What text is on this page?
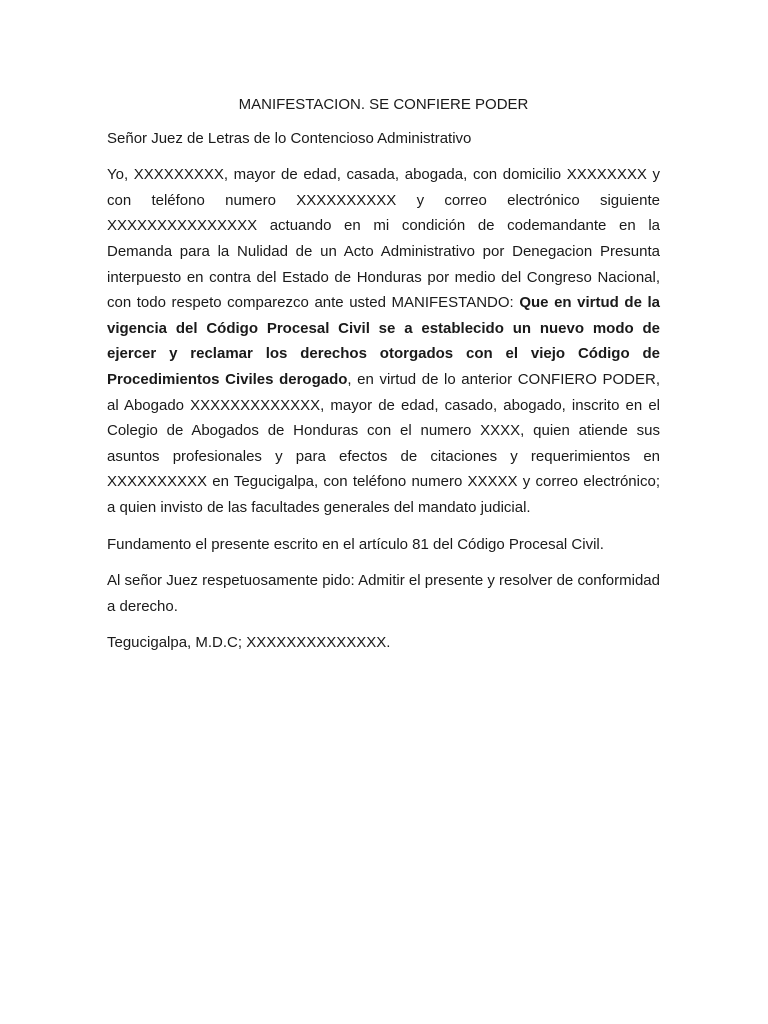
MANIFESTACION. SE CONFIERE PODER

Señor Juez de Letras de lo Contencioso Administrativo

Yo, XXXXXXXXX, mayor de edad, casada, abogada, con domicilio XXXXXXXX y con teléfono numero XXXXXXXXXX y correo electrónico siguiente XXXXXXXXXXXXXXX actuando en mi condición de codemandante en la Demanda para la Nulidad de un Acto Administrativo por Denegacion Presunta interpuesto en contra del Estado de Honduras por medio del Congreso Nacional, con todo respeto comparezco ante usted MANIFESTANDO: Que en virtud de la vigencia del Código Procesal Civil se a establecido un nuevo modo de ejercer y reclamar los derechos otorgados con el viejo Código de Procedimientos Civiles derogado, en virtud de lo anterior CONFIERO PODER, al Abogado XXXXXXXXXXXXX, mayor de edad, casado, abogado, inscrito en el Colegio de Abogados de Honduras con el numero XXXX, quien atiende sus asuntos profesionales y para efectos de citaciones y requerimientos en XXXXXXXXXX en Tegucigalpa, con teléfono numero XXXXX y correo electrónico; a quien invisto de las facultades generales del mandato judicial.

Fundamento el presente escrito en el artículo 81 del Código Procesal Civil.

Al señor Juez respetuosamente pido: Admitir el presente y resolver de conformidad a derecho.

Tegucigalpa, M.D.C; XXXXXXXXXXXXXX.
